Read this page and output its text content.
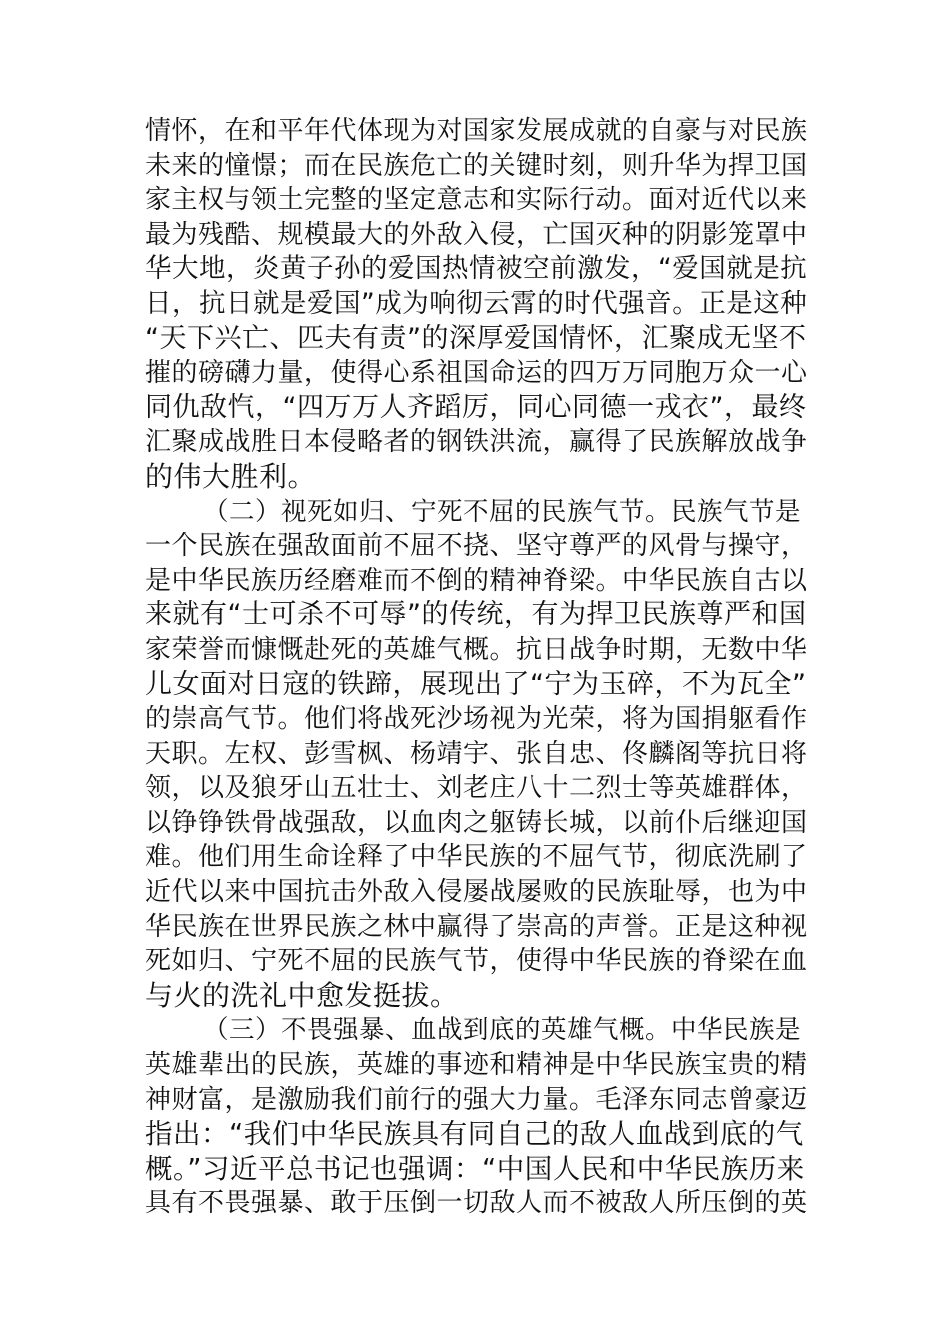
情怀，在和平年代体现为对国家发展成就的自豪与对民族
未来的憧憬；而在民族危亡的关键时刻，则升华为捍卫国
家主权与领土完整的坚定意志和实际行动。面对近代以来
最为残酷、规模最大的外敌入侵，亡国灭种的阴影笼罩中
华大地，炎黄子孙的爱国热情被空前激发，“爱国就是抗
日，抗日就是爱国”成为响彻云霄的时代强音。正是这种
“天下兴亡、匹夫有责”的深厚爱国情怀，汇聚成无坚不
摧的磅礴力量，使得心系祖国命运的四万万同胞万众一心
同仇敌忾，“四万万人齐蹈厉，同心同德一戎衣”，最终
汇聚成战胜日本侵略者的钢铁洪流，赢得了民族解放战争
的伟大胜利。
（二）视死如归、宁死不屈的民族气节。民族气节是
一个民族在强敌面前不屈不挠、坚守尊严的风骨与操守，
是中华民族历经磨难而不倒的精神脊梁。中华民族自古以
来就有“士可杀不可辱”的传统，有为捍卫民族尊严和国
家荣誉而慷慨赴死的英雄气概。抗日战争时期，无数中华
儿女面对日寇的铁蹄，展现出了“宁为玉碎，不为瓦全”
的崇高气节。他们将战死沙场视为光荣，将为国捐躯看作
天职。左权、彭雪枫、杨靖宇、张自忠、佟麟阁等抗日将
领，以及狼牙山五壮士、刘老庄八十二烈士等英雄群体，
以铮铮铁骨战强敌，以血肉之躯铸长城，以前仆后继迎国
难。他们用生命诠释了中华民族的不屈气节，彻底洗刷了
近代以来中国抗击外敌入侵屡战屡败的民族耻辱，也为中
华民族在世界民族之林中赢得了崇高的声誉。正是这种视
死如归、宁死不屈的民族气节，使得中华民族的脊梁在血
与火的洗礼中愈发挺拔。
（三）不畏强暴、血战到底的英雄气概。中华民族是
英雄辈出的民族，英雄的事迹和精神是中华民族宝贵的精
神财富，是激励我们前行的强大力量。毛泽东同志曾豪迈
指出：“我们中华民族具有同自己的敌人血战到底的气
概。”习近平总书记也强调：“中国人民和中华民族历来
具有不畏强暴、敢于压倒一切敌人而不被敌人所压倒的英
